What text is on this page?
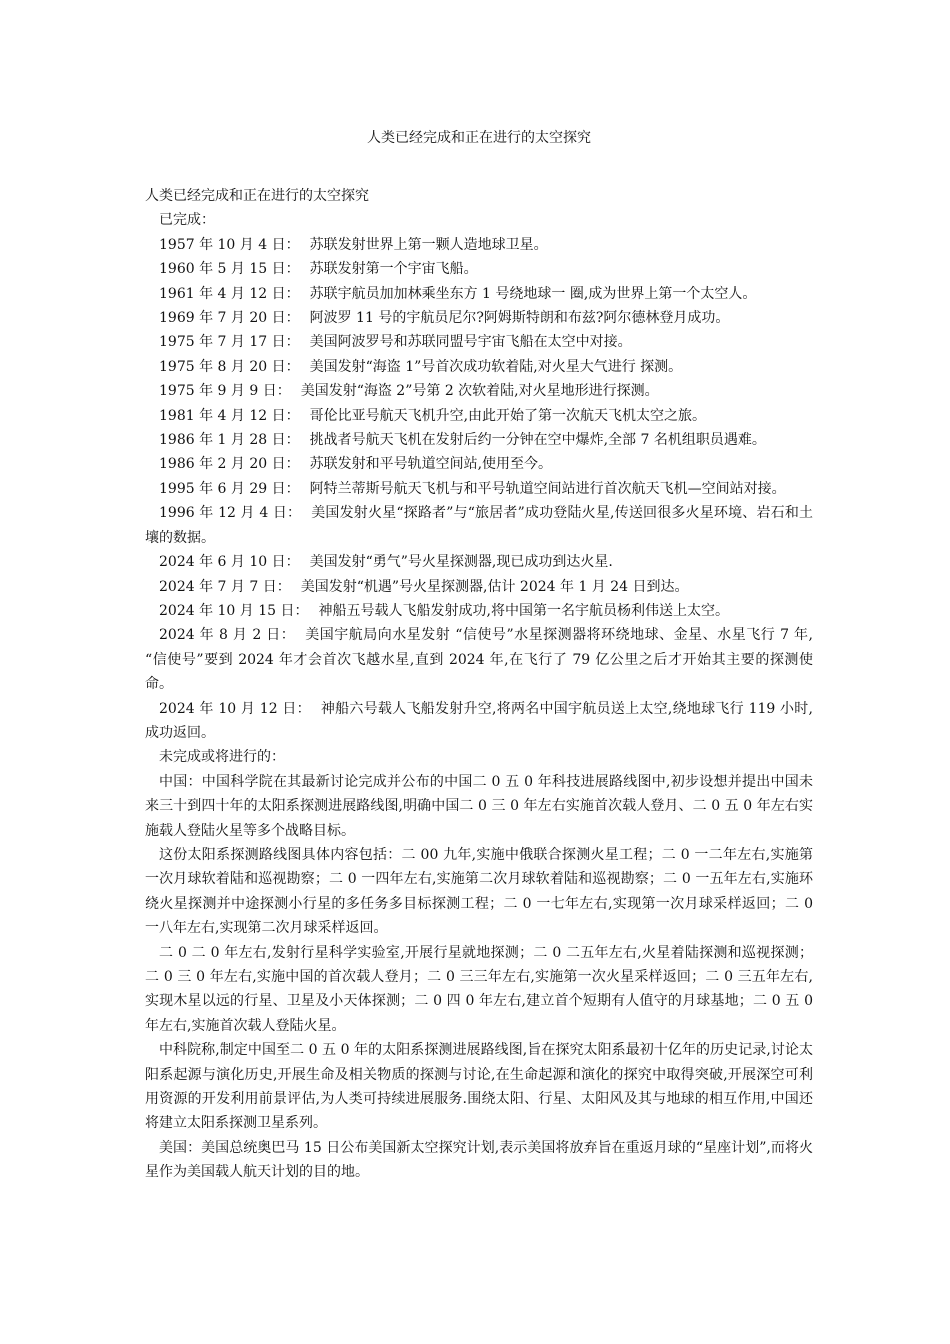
人类已经完成和正在进行的太空探究
人类已经完成和正在进行的太空探究
已完成：
1957 年 10 月 4 日： 苏联发射世界上第一颗人造地球卫星。
1960 年 5 月 15 日： 苏联发射第一个宇宙飞船。
1961 年 4 月 12 日： 苏联宇航员加加林乘坐东方 1 号绕地球一 圈,成为世界上第一个太空人。
1969 年 7 月 20 日： 阿波罗 11 号的宇航员尼尔?阿姆斯特朗和布兹?阿尔德林登月成功。
1975 年 7 月 17 日： 美国阿波罗号和苏联同盟号宇宙飞船在太空中对接。
1975 年 8 月 20 日： 美国发射“海盗 1”号首次成功软着陆,对火星大气进行 探测。
1975 年 9 月 9 日： 美国发射“海盗 2”号第 2 次软着陆,对火星地形进行探测。
1981 年 4 月 12 日： 哥伦比亚号航天飞机升空,由此开始了第一次航天飞机太空之旅。
1986 年 1 月 28 日： 挑战者号航天飞机在发射后约一分钟在空中爆炸,全部 7 名机组职员遇难。
1986 年 2 月 20 日： 苏联发射和平号轨道空间站,使用至今。
1995 年 6 月 29 日： 阿特兰蒂斯号航天飞机与和平号轨道空间站进行首次航天飞机—空间站对接。
1996 年 12 月 4 日： 美国发射火星“探路者”与“旅居者”成功登陆火星,传送回很多火星环境、岩石和土壤的数据。
2024 年 6 月 10 日： 美国发射“勇气”号火星探测器,现已成功到达火星.
2024 年 7 月 7 日： 美国发射“机遇”号火星探测器,估计 2024 年 1 月 24 日到达。
2024 年 10 月 15 日： 神船五号载人飞船发射成功,将中国第一名宇航员杨利伟送上太空。
2024 年 8 月 2 日： 美国宇航局向水星发射 “信使号”水星探测器将环绕地球、金星、水星飞行 7 年, “信使号”要到 2024 年才会首次飞越水星,直到 2024 年,在飞行了 79 亿公里之后才开始其主要的探测使命。
2024 年 10 月 12 日： 神船六号载人飞船发射升空,将两名中国宇航员送上太空,绕地球飞行 119 小时,成功返回。
未完成或将进行的：
中国：中国科学院在其最新讨论完成并公布的中国二 0 五 0 年科技进展路线图中,初步设想并提出中国未来三十到四十年的太阳系探测进展路线图,明确中国二 0 三 0 年左右实施首次载人登月、二 0 五 0 年左右实施载人登陆火星等多个战略目标。
这份太阳系探测路线图具体内容包括：二 00 九年,实施中俄联合探测火星工程；二 0 一二年左右,实施第一次月球软着陆和巡视勘察；二 0 一四年左右,实施第二次月球软着陆和巡视勘察；二 0 一五年左右,实施环绕火星探测并中途探测小行星的多任务多目标探测工程；二 0 一七年左右,实现第一次月球采样返回；二 0 一八年左右,实现第二次月球采样返回。
二 0 二 0 年左右,发射行星科学实验室,开展行星就地探测；二 0 二五年左右,火星着陆探测和巡视探测；二 0 三 0 年左右,实施中国的首次载人登月；二 0 三三年左右,实施第一次火星采样返回；二 0 三五年左右,实现木星以远的行星、卫星及小天体探测；二 0 四 0 年左右,建立首个短期有人值守的月球基地；二 0 五 0 年左右,实施首次载人登陆火星。
中科院称,制定中国至二 0 五 0 年的太阳系探测进展路线图,旨在探究太阳系最初十亿年的历史记录,讨论太阳系起源与演化历史,开展生命及相关物质的探测与讨论,在生命起源和演化的探究中取得突破,开展深空可利用资源的开发利用前景评估,为人类可持续进展服务.围绕太阳、行星、太阳风及其与地球的相互作用,中国还将建立太阳系探测卫星系列。
美国：美国总统奥巴马 15 日公布美国新太空探究计划,表示美国将放弃旨在重返月球的“星座计划”,而将火星作为美国载人航天计划的目的地。
